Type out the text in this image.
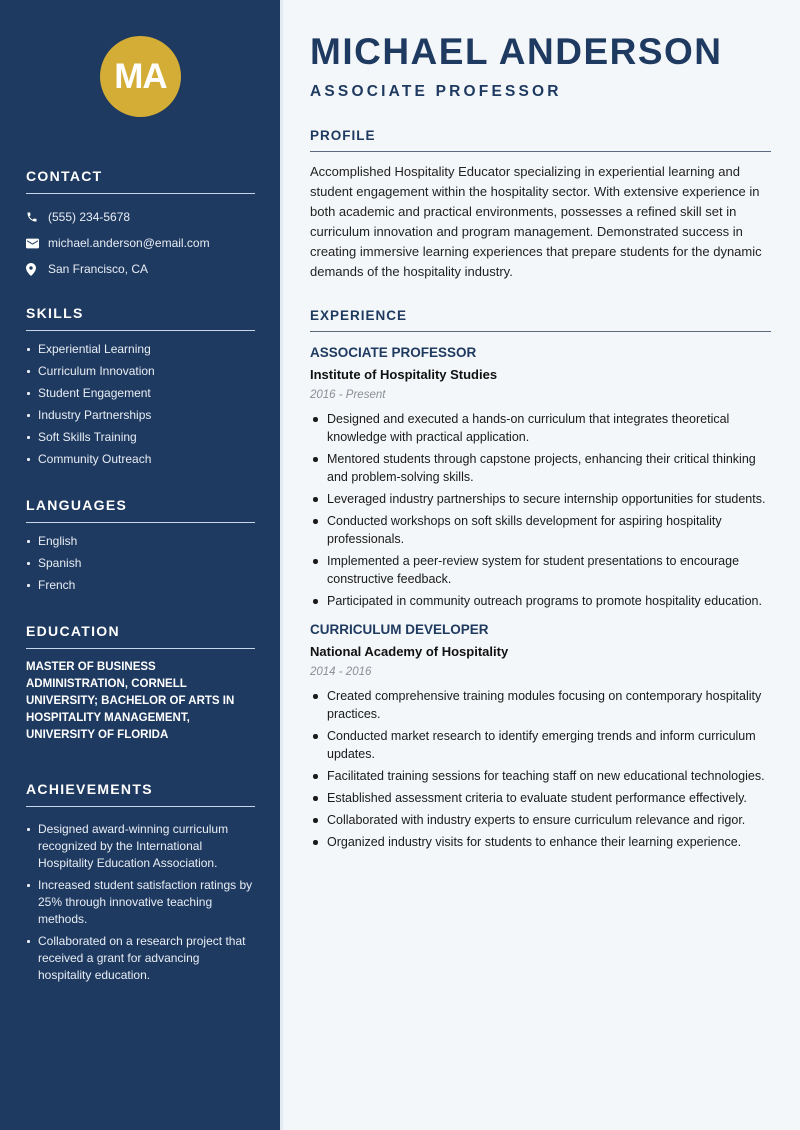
MA
CONTACT
(555) 234-5678
michael.anderson@email.com
San Francisco, CA
SKILLS
Experiential Learning
Curriculum Innovation
Student Engagement
Industry Partnerships
Soft Skills Training
Community Outreach
LANGUAGES
English
Spanish
French
EDUCATION

MASTER OF BUSINESS ADMINISTRATION, CORNELL UNIVERSITY; BACHELOR OF ARTS IN HOSPITALITY MANAGEMENT, UNIVERSITY OF FLORIDA

ACHIEVEMENTS
Designed award-winning curriculum recognized by the International Hospitality Education Association.
Increased student satisfaction ratings by 25% through innovative teaching methods.
Collaborated on a research project that received a grant for advancing hospitality education.
MICHAEL ANDERSON
ASSOCIATE PROFESSOR
PROFILE

Accomplished Hospitality Educator specializing in experiential learning and student engagement within the hospitality sector. With extensive experience in both academic and practical environments, possesses a refined skill set in curriculum innovation and program management. Demonstrated success in creating immersive learning experiences that prepare students for the dynamic demands of the hospitality industry.

EXPERIENCE
ASSOCIATE PROFESSOR
Institute of Hospitality Studies
2016 - Present
Designed and executed a hands-on curriculum that integrates theoretical knowledge with practical application.
Mentored students through capstone projects, enhancing their critical thinking and problem-solving skills.
Leveraged industry partnerships to secure internship opportunities for students.
Conducted workshops on soft skills development for aspiring hospitality professionals.
Implemented a peer-review system for student presentations to encourage constructive feedback.
Participated in community outreach programs to promote hospitality education.
CURRICULUM DEVELOPER
National Academy of Hospitality
2014 - 2016
Created comprehensive training modules focusing on contemporary hospitality practices.
Conducted market research to identify emerging trends and inform curriculum updates.
Facilitated training sessions for teaching staff on new educational technologies.
Established assessment criteria to evaluate student performance effectively.
Collaborated with industry experts to ensure curriculum relevance and rigor.
Organized industry visits for students to enhance their learning experience.
